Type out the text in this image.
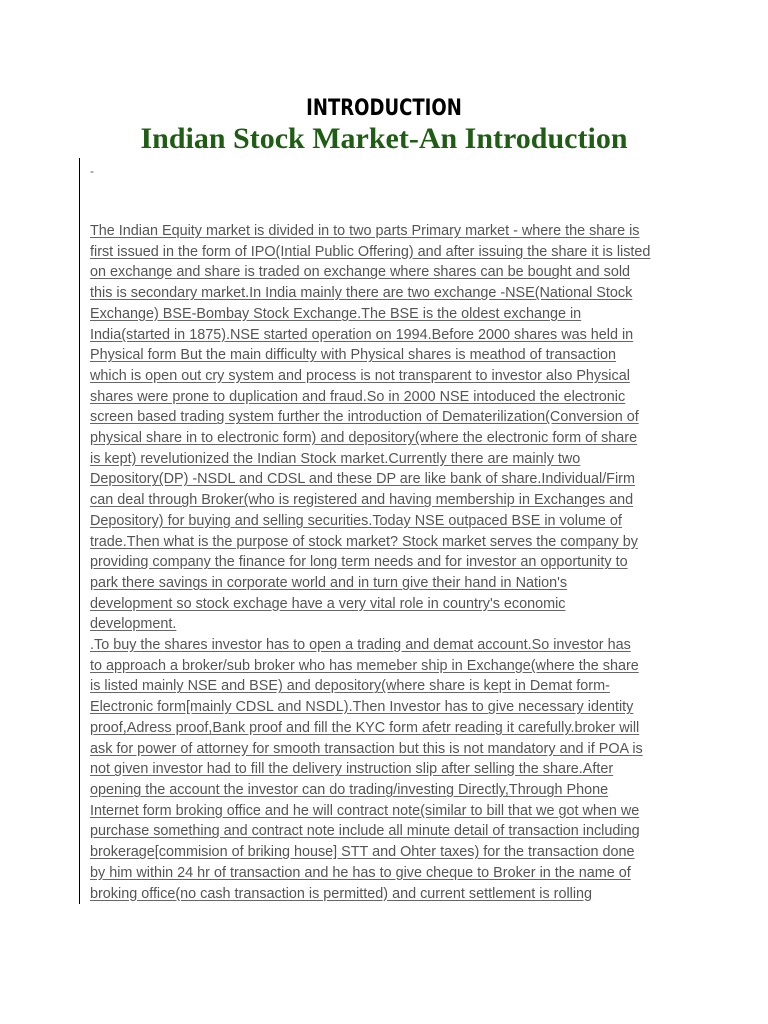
INTRODUCTION
Indian Stock Market-An Introduction
-

The Indian Equity market is divided in to two parts Primary market - where the share is
first issued in the form of IPO(Intial Public Offering) and after issuing the share it is listed
on exchange and share is traded on exchange where shares can be bought and sold
this is secondary market.In India mainly there are two exchange -NSE(National Stock
Exchange) BSE-Bombay Stock Exchange.The BSE is the oldest exchange in
India(started in 1875).NSE started operation on 1994.Before 2000 shares was held in
Physical form But the main difficulty with Physical shares is meathod of transaction
which is open out cry system and process is not transparent to investor also Physical
shares were prone to duplication and fraud.So in 2000 NSE intoduced the electronic
screen based trading system further the introduction of Dematerilization(Conversion of
physical share in to electronic form) and depository(where the electronic form of share
is kept) revelutionized the Indian Stock market.Currently there are mainly two
Depository(DP) -NSDL and CDSL and these DP are like bank of share.Individual/Firm
can deal through Broker(who is registered and having membership in Exchanges and
Depository) for buying and selling securities.Today NSE outpaced BSE in volume of
trade.Then what is the purpose of stock market? Stock market serves the company by
providing company the finance for long term needs and for investor an opportunity to
park there savings in corporate world and in turn give their hand in Nation's
development so stock exchage have a very vital role in country's economic
development.
.To buy the shares investor has to open a trading and demat account.So investor has
to approach a broker/sub broker who has memeber ship in Exchange(where the share
is listed mainly NSE and BSE) and depository(where share is kept in Demat form-
Electronic form[mainly CDSL and NSDL).Then Investor has to give necessary identity
proof,Adress proof,Bank proof and fill the KYC form afetr reading it carefully.broker will
ask for power of attorney for smooth transaction but this is not mandatory and if POA is
not given investor had to fill the delivery instruction slip after selling the share.After
opening the account the investor can do trading/investing Directly,Through Phone
Internet form broking office and he will contract note(similar to bill that we got when we
purchase something and contract note include all minute detail of transaction including
brokerage[commision of briking house] STT and Ohter taxes) for the transaction done
by him within 24 hr of transaction and he has to give cheque to Broker in the name of
broking office(no cash transaction is permitted) and current settlement is rolling
